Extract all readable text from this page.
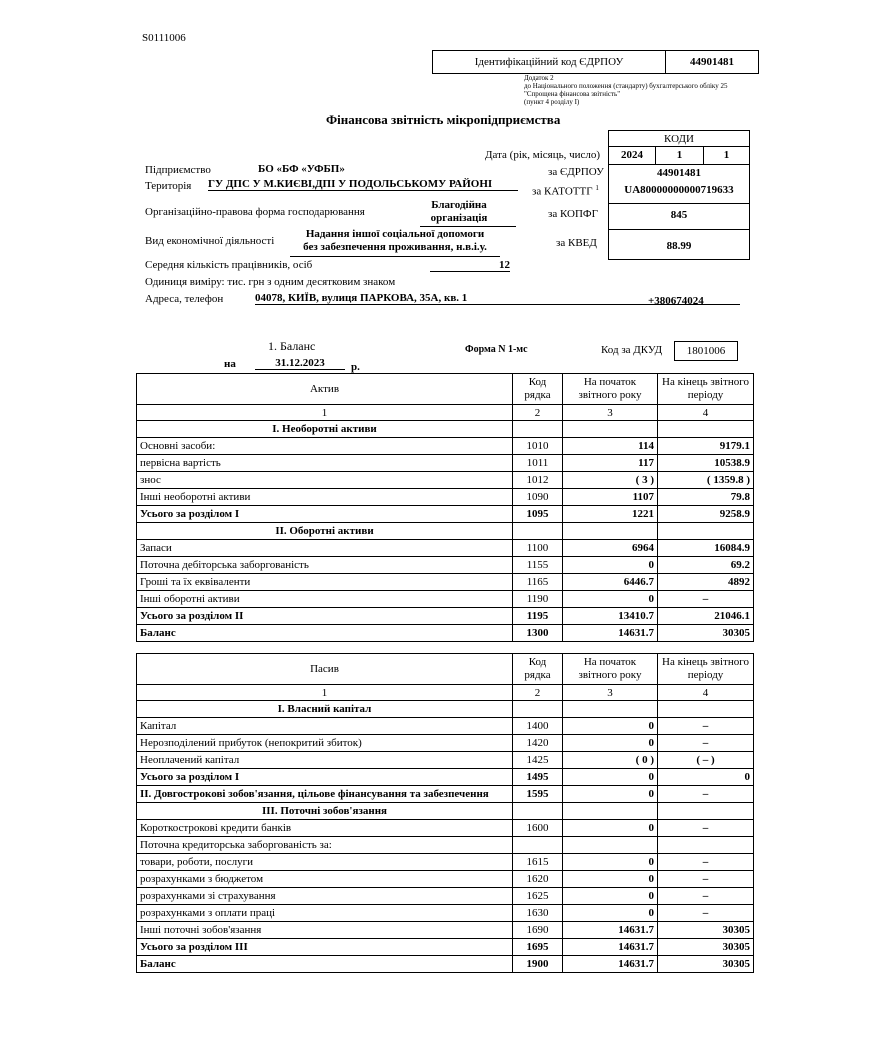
S0111006
Ідентифікаційний код ЄДРПОУ	44901481
Додаток 2
до Національного положення (стандарту) бухгалтерського обліку 25
"Спрощена фінансова звітність"
(пункт 4 розділу I)
Фінансова звітність мікропідприємства
КОДИ
2024	1	1
Дата (рік, місяць, число)
Підприємство	БО «БФ «УФБП»	за ЄДРПОУ	44901481
Територія ГУ ДПС У М.КИЄВІ,ДПІ У ПОДОЛЬСЬКОМУ РАЙОНІ
за КАТОТТГ $^1$	UA80000000000719633
Організаційно-правова форма господарювання
Благодійна
організація	за КОПФГ	845
Вид економічної діяльності
Надання іншої соціальної допомоги
без забезпечення проживання, н.в.і.у.	за КВЕД	88.99
Середня кількість працівників, осіб	12
Одиниця виміру: тис. грн з одним десятковим знаком
Адреса, телефон	04078, КИЇВ, вулиця ПАРКОВА, 35А, кв. 1	+380674024
1. Баланс	Форма N 1-мс	Код за ДКУД	1801006
на	31.12.2023	р.
Актив	Код рядка	На початок звітного року	На кінець звітного періоду
1	2	3	4
I. Необоротні активи			
Основні засоби:	1010	114	9179.1
первісна вартість	1011	117	10538.9
знос	1012	( 3 )	( 1359.8 )
Інші необоротні активи	1090	1107	79.8
Усього за розділом I	1095	1221	9258.9
II. Оборотні активи			
Запаси	1100	6964	16084.9
Поточна дебіторська заборгованість	1155	0	69.2
Гроші та їх еквіваленти	1165	6446.7	4892
Інші оборотні активи	1190	0	–
Усього за розділом II	1195	13410.7	21046.1
Баланс	1300	14631.7	30305
Пасив	Код рядка	На початок звітного року	На кінець звітного періоду
1	2	3	4
I. Власний капітал			
Капітал	1400	0	–
Нерозподілений прибуток (непокритий збиток)	1420	0	–
Неоплачений капітал	1425	( 0 )	( – )
Усього за розділом I	1495	0	0
II. Довгострокові зобов'язання, цільове фінансування та забезпечення	1595	0	–
III. Поточні зобов'язання			
Короткострокові кредити банків	1600	0	–
Поточна кредиторська заборгованість за:			
товари, роботи, послуги	1615	0	–
розрахунками з бюджетом	1620	0	–
розрахунками зі страхування	1625	0	–
розрахунками з оплати праці	1630	0	–
Інші поточні зобов'язання	1690	14631.7	30305
Усього за розділом III	1695	14631.7	30305
Баланс	1900	14631.7	30305
